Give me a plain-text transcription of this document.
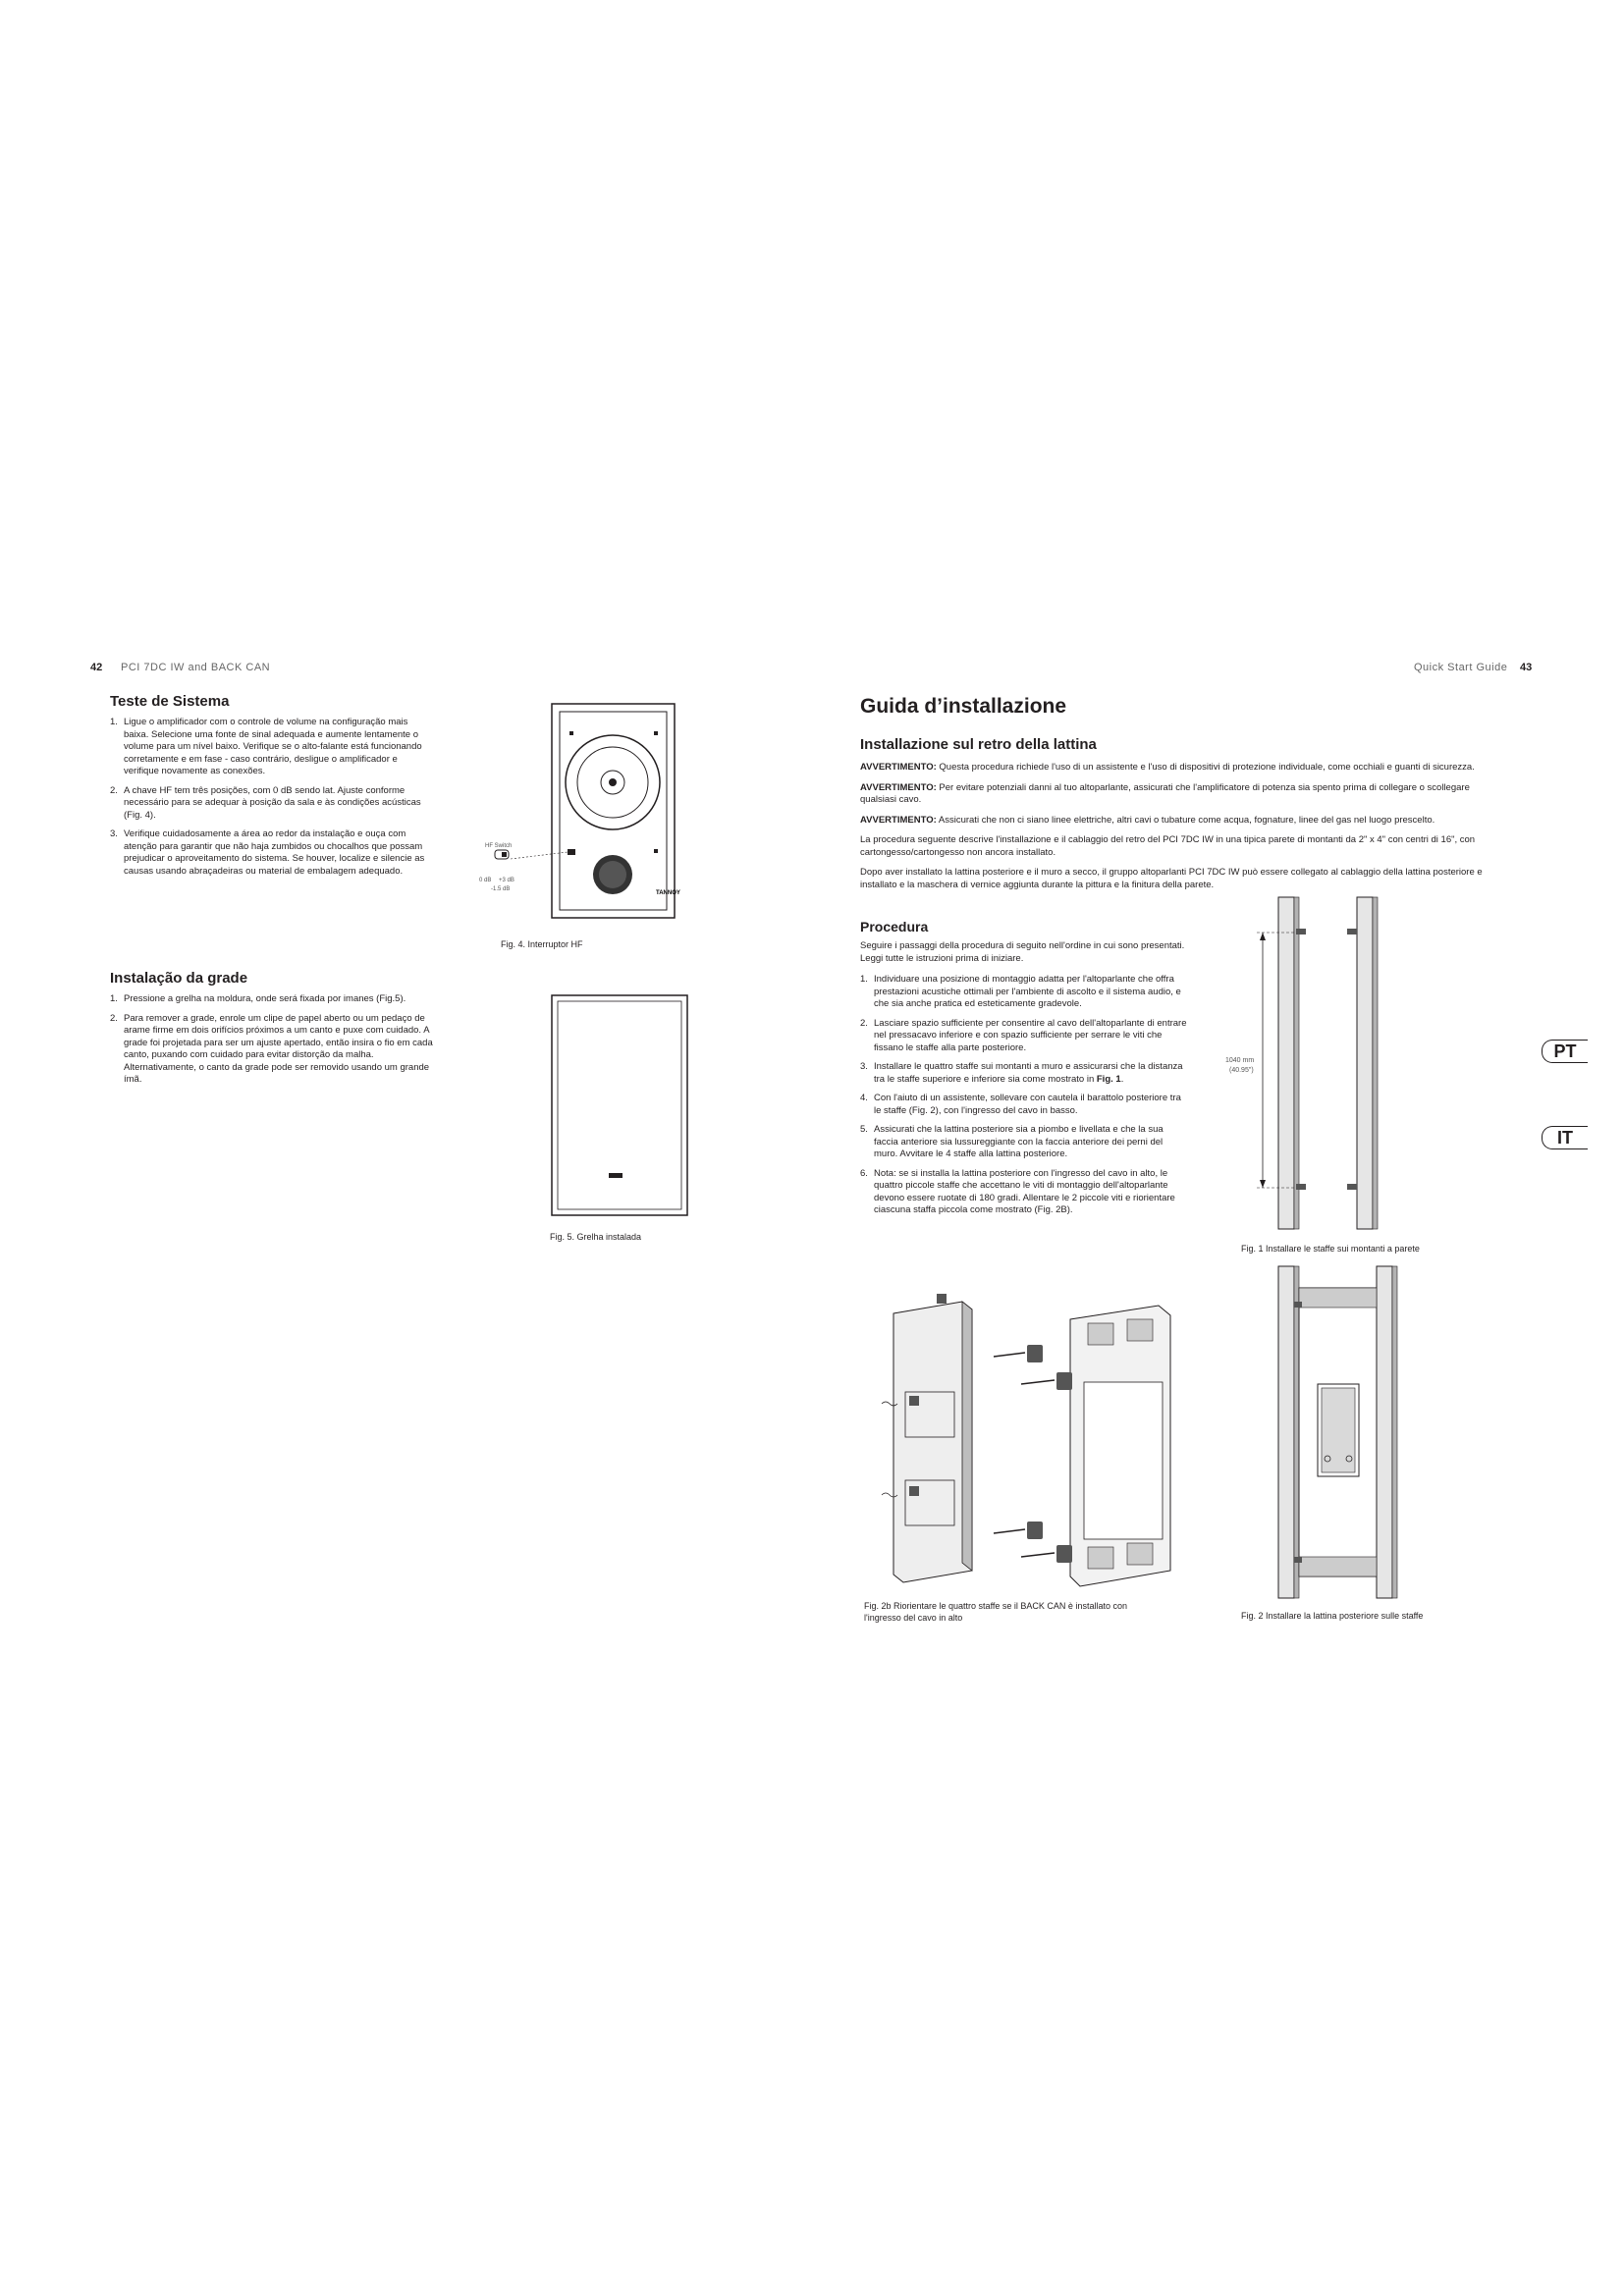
42 PCI 7DC IW and BACK CAN
Teste de Sistema
1. Ligue o amplificador com o controle de volume na configuração mais baixa. Selecione uma fonte de sinal adequada e aumente lentamente o volume para um nível baixo. Verifique se o alto-falante está funcionando corretamente e em fase - caso contrário, desligue o amplificador e verifique novamente as conexões.
2. A chave HF tem três posições, com 0 dB sendo lat. Ajuste conforme necessário para se adequar à posição da sala e às condições acústicas (Fig. 4).
3. Verifique cuidadosamente a área ao redor da instalação e ouça com atenção para garantir que não haja zumbidos ou chocalhos que possam prejudicar o aproveitamento do sistema. Se houver, localize e silencie as causas usando abraçadeiras ou material de embalagem adequado.
TANNOY
HF Switch
0 dB +3 dB
-1.5 dB
Fig. 4. Interruptor HF
Instalação da grade
1. Pressione a grelha na moldura, onde será fixada por imanes (Fig.5).
2. Para remover a grade, enrole um clipe de papel aberto ou um pedaço de arame firme em dois orifícios próximos a um canto e puxe com cuidado. A grade foi projetada para ser um ajuste apertado, então insira o fio em cada canto, puxando com cuidado para evitar distorção da malha. Alternativamente, o canto da grade pode ser removido usando um grande ímã.
Fig. 5. Grelha instalada
Quick Start Guide 43
Guida d’installazione
Installazione sul retro della lattina

AVVERTIMENTO: Questa procedura richiede l'uso di un assistente e l'uso di dispositivi di protezione individuale, come occhiali e guanti di sicurezza.

AVVERTIMENTO: Per evitare potenziali danni al tuo altoparlante, assicurati che l'amplificatore di potenza sia spento prima di collegare o scollegare qualsiasi cavo.

AVVERTIMENTO: Assicurati che non ci siano linee elettriche, altri cavi o tubature come acqua, fognature, linee del gas nel luogo prescelto.

La procedura seguente descrive l'installazione e il cablaggio del retro del PCI 7DC IW in una tipica parete di montanti da 2" x 4" con centri di 16", con cartongesso/cartongesso non ancora installato.

Dopo aver installato la lattina posteriore e il muro a secco, il gruppo altoparlanti PCI 7DC IW può essere collegato al cablaggio della lattina posteriore e installato e la maschera di vernice aggiunta durante la pittura e la finitura della parete.

Procedura

Seguire i passaggi della procedura di seguito nell'ordine in cui sono presentati. Leggi tutte le istruzioni prima di iniziare.

1. Individuare una posizione di montaggio adatta per l'altoparlante che offra prestazioni acustiche ottimali per l'ambiente di ascolto e il sistema audio, e che sia anche pratica ed esteticamente gradevole.
2. Lasciare spazio sufficiente per consentire al cavo dell'altoparlante di entrare nel pressacavo inferiore e con spazio sufficiente per serrare le viti che fissano le staffe alla parte posteriore.
3. Installare le quattro staffe sui montanti a muro e assicurarsi che la distanza tra le staffe superiore e inferiore sia come mostrato in Fig. 1.
4. Con l'aiuto di un assistente, sollevare con cautela il barattolo posteriore tra le staffe (Fig. 2), con l'ingresso del cavo in basso.
5. Assicurati che la lattina posteriore sia a piombo e livellata e che la sua faccia anteriore sia lussureggiante con la faccia anteriore dei perni del muro. Avvitare le 4 staffe alla lattina posteriore.
6. Nota: se si installa la lattina posteriore con l'ingresso del cavo in alto, le quattro piccole staffe che accettano le viti di montaggio dell'altoparlante devono essere ruotate di 180 gradi. Allentare le 2 piccole viti e riorientare ciascuna staffa piccola come mostrato (Fig. 2B).
1040 mm
(40.95")
Fig. 1 Installare le staffe sui montanti a parete
Fig. 2 Installare la lattina posteriore sulle staffe
Fig. 2b Riorientare le quattro staffe se il BACK CAN è installato con
l'ingresso del cavo in alto
PT
IT
